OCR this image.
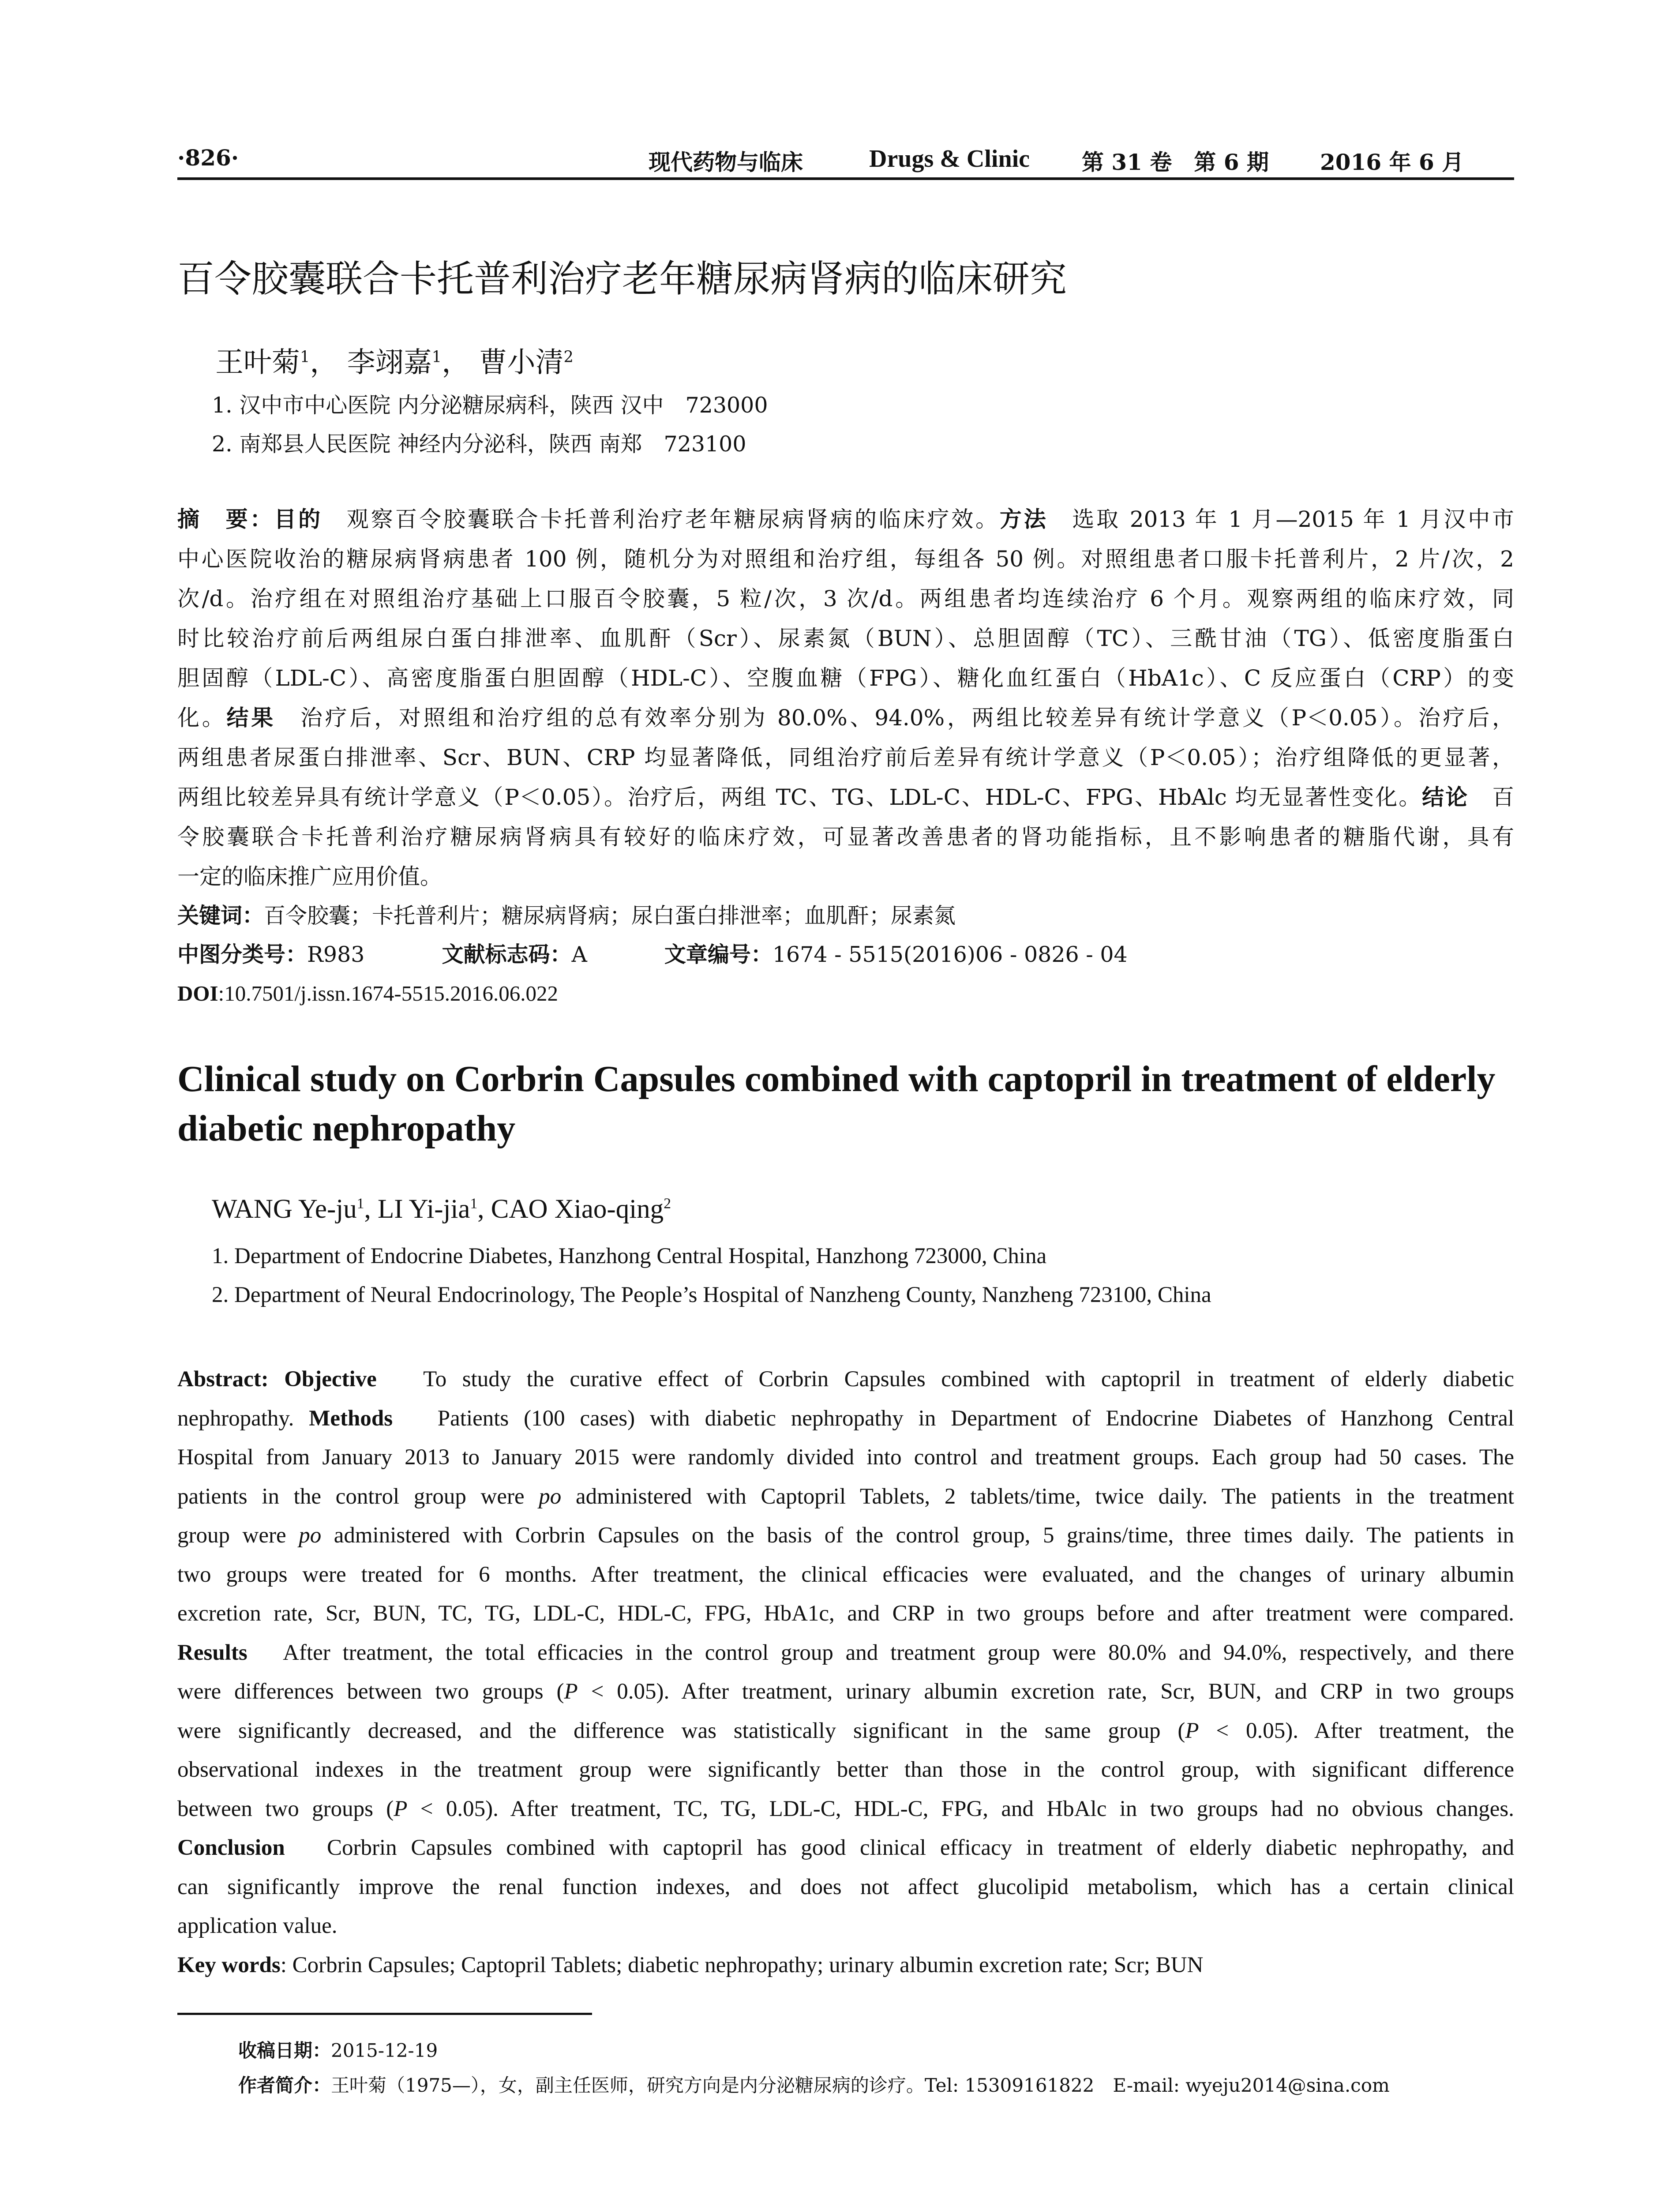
·826·	现代药物与临床	Drugs & Clinic 第 31 卷　第 6 期 2016 年 6 月
百令胶囊联合卡托普利治疗老年糖尿病肾病的临床研究
王叶菊$^1$， 李翊嘉$^1$， 曹小清$^2$
1. 汉中市中心医院 内分泌糖尿病科，陕西 汉中　723000
2. 南郑县人民医院 神经内分泌科，陕西 南郑　723100
摘　要：目的　 观察百令胶囊联合卡托普利治疗老年糖尿病肾病的临床疗效。方法　 选取 2013 年 1 月—2015 年 1 月汉中市
中心医院收治的糖尿病肾病患者 100 例，随机分为对照组和治疗组，每组各 50 例。对照组患者口服卡托普利片，2 片/次，2
次/d。治疗组在对照组治疗基础上口服百令胶囊，5 粒/次，3 次/d。两组患者均连续治疗 6 个月。观察两组的临床疗效，同
时比较治疗前后两组尿白蛋白排泄率、血肌酐（Scr）、尿素氮（BUN）、总胆固醇（TC）、三酰甘油（TG）、低密度脂蛋白
胆固醇（LDL-C）、高密度脂蛋白胆固醇（HDL-C）、空腹血糖（FPG）、糖化血红蛋白（HbA1c）、C 反应蛋白（CRP）的变
化。结果　 治疗后，对照组和治疗组的总有效率分别为 80.0%、94.0%，两组比较差异有统计学意义（P＜0.05）。治疗后，
两组患者尿蛋白排泄率、Scr、BUN、CRP 均显著降低，同组治疗前后差异有统计学意义（P＜0.05）；治疗组降低的更显著，
两组比较差异具有统计学意义（P＜0.05）。治疗后，两组 TC、TG、LDL-C、HDL-C、FPG、HbAlc 均无显著性变化。结论　 百
令胶囊联合卡托普利治疗糖尿病肾病具有较好的临床疗效，可显著改善患者的肾功能指标，且不影响患者的糖脂代谢，具有
一定的临床推广应用价值。
关键词：百令胶囊；卡托普利片；糖尿病肾病；尿白蛋白排泄率；血肌酐；尿素氮
中图分类号：R983	文献标志码：A	文章编号：1674 - 5515(2016)06 - 0826 - 04
DOI:10.7501/j.issn.1674-5515.2016.06.022
Clinical study on Corbrin Capsules combined with captopril in treatment of elderly
diabetic nephropathy
WANG $Ye-ju^1$, LI Yi-jia$^1$, CAO Xiao-qing$^2$
1. Department of Endocrine Diabetes, Hanzhong Central Hospital, Hanzhong 723000, China
2. Department of Neural Endocrinology, The People’s Hospital of Nanzheng County, Nanzheng 723100, China
Abstract: Objective To study the curative effect of Corbrin Capsules combined with captopril in treatment of elderly diabetic
nephropathy. Methods Patients (100 cases) with diabetic nephropathy in Department of Endocrine Diabetes of Hanzhong Central
Hospital from January 2013 to January 2015 were randomly divided into control and treatment groups. Each group had 50 cases. The
patients in the control group were po administered with Captopril Tablets, 2 tablets/time, twice daily. The patients in the treatment
group were po administered with Corbrin Capsules on the basis of the control group, 5 grains/time, three times daily. The patients in
two groups were treated for 6 months. After treatment, the clinical efficacies were evaluated, and the changes of urinary albumin
excretion rate, Scr, BUN, TC, TG, LDL-C, HDL-C, FPG, HbA1c, and CRP in two groups before and after treatment were compared.
Results After treatment, the total efficacies in the control group and treatment group were 80.0% and 94.0%, respectively, and there
were differences between two groups (P < 0.05). After treatment, urinary albumin excretion rate, Scr, BUN, and CRP in two groups
were significantly decreased, and the difference was statistically significant in the same group (P < 0.05). After treatment, the
observational indexes in the treatment group were significantly better than those in the control group, with significant difference
between two groups (P < 0.05). After treatment, TC, TG, LDL-C, HDL-C, FPG, and HbAlc in two groups had no obvious changes.
Conclusion Corbrin Capsules combined with captopril has good clinical efficacy in treatment of elderly diabetic nephropathy, and
can significantly improve the renal function indexes, and does not affect glucolipid metabolism, which has a certain clinical
application value.
Key words: Corbrin Capsules; Captopril Tablets; diabetic nephropathy; urinary albumin excretion rate; Scr; BUN
收稿日期：2015-12-19
作者简介：王叶菊（1975—），女，副主任医师，研究方向是内分泌糖尿病的诊疗。Tel: 15309161822　E-mail: wyeju2014@sina.com
